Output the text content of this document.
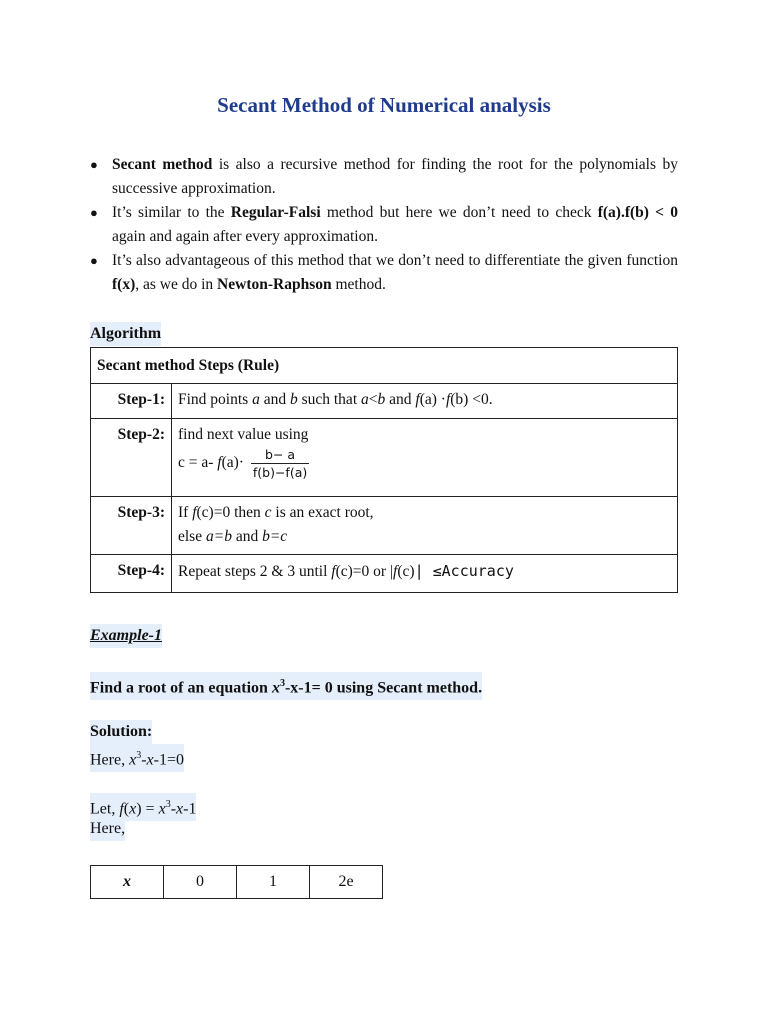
Secant Method of Numerical analysis
● Secant method is also a recursive method for finding the root for the polynomials by successive approximation.
● It’s similar to the Regular-Falsi method but here we don’t need to check f(a).f(b) < 0 again and again after every approximation.
● It’s also advantageous of this method that we don’t need to differentiate the given function f(x), as we do in Newton-Raphson method.
Algorithm
Secant method Steps (Rule)	
Step-1:	Find points a and b such that a<b and f(a) ·f(b) <0.
Step-2:	find next value using
c = a- $f(a)\cdot \frac{b- a}{f(b)-f(a)}$

Step-3:	If f(c)=0 then c is an exact root,
else a=b and b=c

Step-4:	Repeat steps 2 & 3 until f(c)=0 or |f(c)| ≤Accuracy
Example-1
Find a root of an equation $x^3-x-1= 0$ using Secant method.
Solution:
Here, $x^3-x-1=0$
Let, $f(x) = x^3-x-1$
Here,
x	0	1	2e
